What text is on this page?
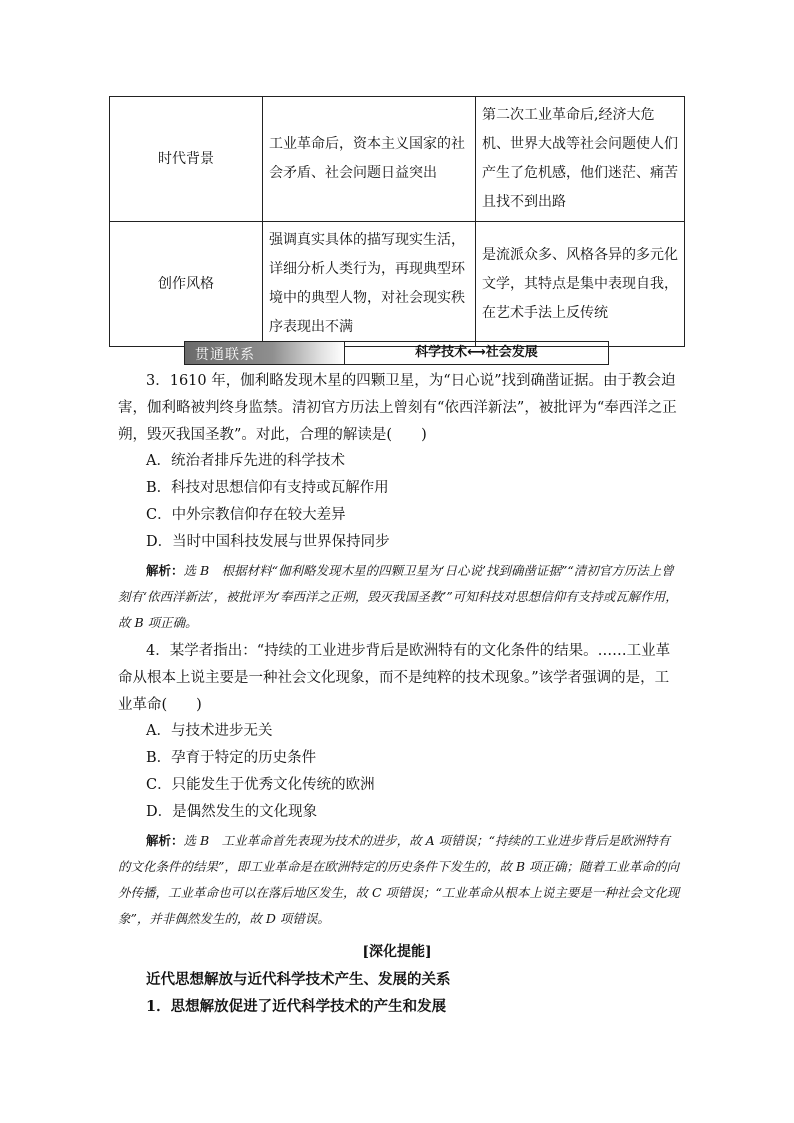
时代背景	工业革命后，资本主义国家的社会矛盾、社会问题日益突出	第二次工业革命后,经济大危机、世界大战等社会问题使人们产生了危机感，他们迷茫、痛苦且找不到出路
创作风格	强调真实具体的描写现实生活，详细分析人类行为，再现典型环境中的典型人物，对社会现实秩序表现出不满	是流派众多、风格各异的多元化文学，其特点是集中表现自我，在艺术手法上反传统
贯通联系	科学技术⟷社会发展

3．1610 年，伽利略发现木星的四颗卫星，为“日心说”找到确凿证据。由于教会迫害，伽利略被判终身监禁。清初官方历法上曾刻有“依西洋新法”，被批评为“奉西洋之正朔，毁灭我国圣教”。对此，合理的解读是(　　)

A．统治者排斥先进的科学技术

B．科技对思想信仰有支持或瓦解作用

C．中外宗教信仰存在较大差异

D．当时中国科技发展与世界保持同步

解析：选 B　根据材料“伽利略发现木星的四颗卫星为‘日心说’找到确凿证据”“清初官方历法上曾刻有‘依西洋新法’，被批评为‘奉西洋之正朔，毁灭我国圣教’”可知科技对思想信仰有支持或瓦解作用，故 B 项正确。

4．某学者指出：“持续的工业进步背后是欧洲特有的文化条件的结果。……工业革命从根本上说主要是一种社会文化现象，而不是纯粹的技术现象。”该学者强调的是，工业革命(　　)

A．与技术进步无关

B．孕育于特定的历史条件

C．只能发生于优秀文化传统的欧洲

D．是偶然发生的文化现象

解析：选 B　工业革命首先表现为技术的进步，故 A 项错误；“持续的工业进步背后是欧洲特有的文化条件的结果”，即工业革命是在欧洲特定的历史条件下发生的，故 B 项正确；随着工业革命的向外传播，工业革命也可以在落后地区发生，故 C 项错误；“工业革命从根本上说主要是一种社会文化现象”，并非偶然发生的，故 D 项错误。

[深化提能]

近代思想解放与近代科学技术产生、发展的关系

1．思想解放促进了近代科学技术的产生和发展
